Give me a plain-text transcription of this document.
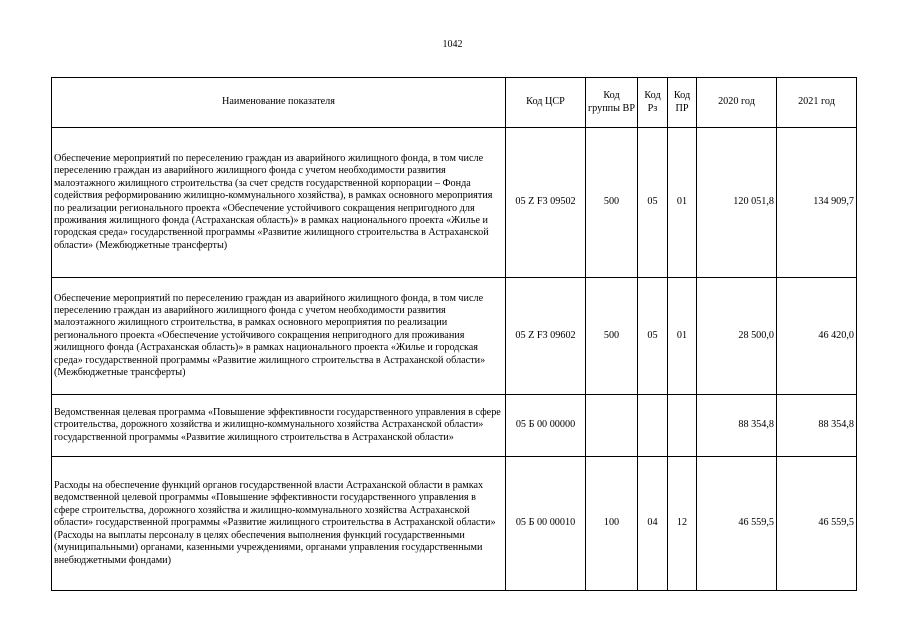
1042
Наименование показателя	Код ЦСР	Код группы ВР	Код Рз	Код ПР	2020 год	2021 год
Обеспечение мероприятий по переселению граждан из аварийного жилищного фонда, в том числе переселению граждан из аварийного жилищного фонда с учетом необходимости развития малоэтажного жилищного строительства (за счет средств государственной корпорации – Фонда содействия реформированию жилищно-коммунального хозяйства), в рамках основного мероприятия по реализации регионального проекта «Обеспечение устойчивого сокращения непригодного для проживания жилищного фонда (Астраханская область)» в рамках национального проекта «Жилье и городская среда» государственной программы «Развитие жилищного строительства в Астраханской области» (Межбюджетные трансферты)	05 Z F3 09502	500	05	01	120 051,8	134 909,7
Обеспечение мероприятий по переселению граждан из аварийного жилищного фонда, в том числе переселению граждан из аварийного жилищного фонда с учетом необходимости развития малоэтажного жилищного строительства, в рамках основного мероприятия по реализации регионального проекта «Обеспечение устойчивого сокращения непригодного для проживания жилищного фонда (Астраханская область)» в рамках национального проекта «Жилье и городская среда» государственной программы «Развитие жилищного строительства в Астраханской области» (Межбюджетные трансферты)	05 Z F3 09602	500	05	01	28 500,0	46 420,0
Ведомственная целевая программа «Повышение эффективности государственного управления в сфере строительства, дорожного хозяйства и жилищно-коммунального хозяйства Астраханской области» государственной программы «Развитие жилищного строительства в Астраханской области»	05 Б 00 00000				88 354,8	88 354,8
Расходы на обеспечение функций органов государственной власти Астраханской области в рамках ведомственной целевой программы «Повышение эффективности государственного управления в сфере строительства, дорожного хозяйства и жилищно-коммунального хозяйства Астраханской области» государственной программы «Развитие жилищного строительства в Астраханской области» (Расходы на выплаты персоналу в целях обеспечения выполнения функций государственными (муниципальными) органами, казенными учреждениями, органами управления государственными внебюджетными фондами)	05 Б 00 00010	100	04	12	46 559,5	46 559,5
